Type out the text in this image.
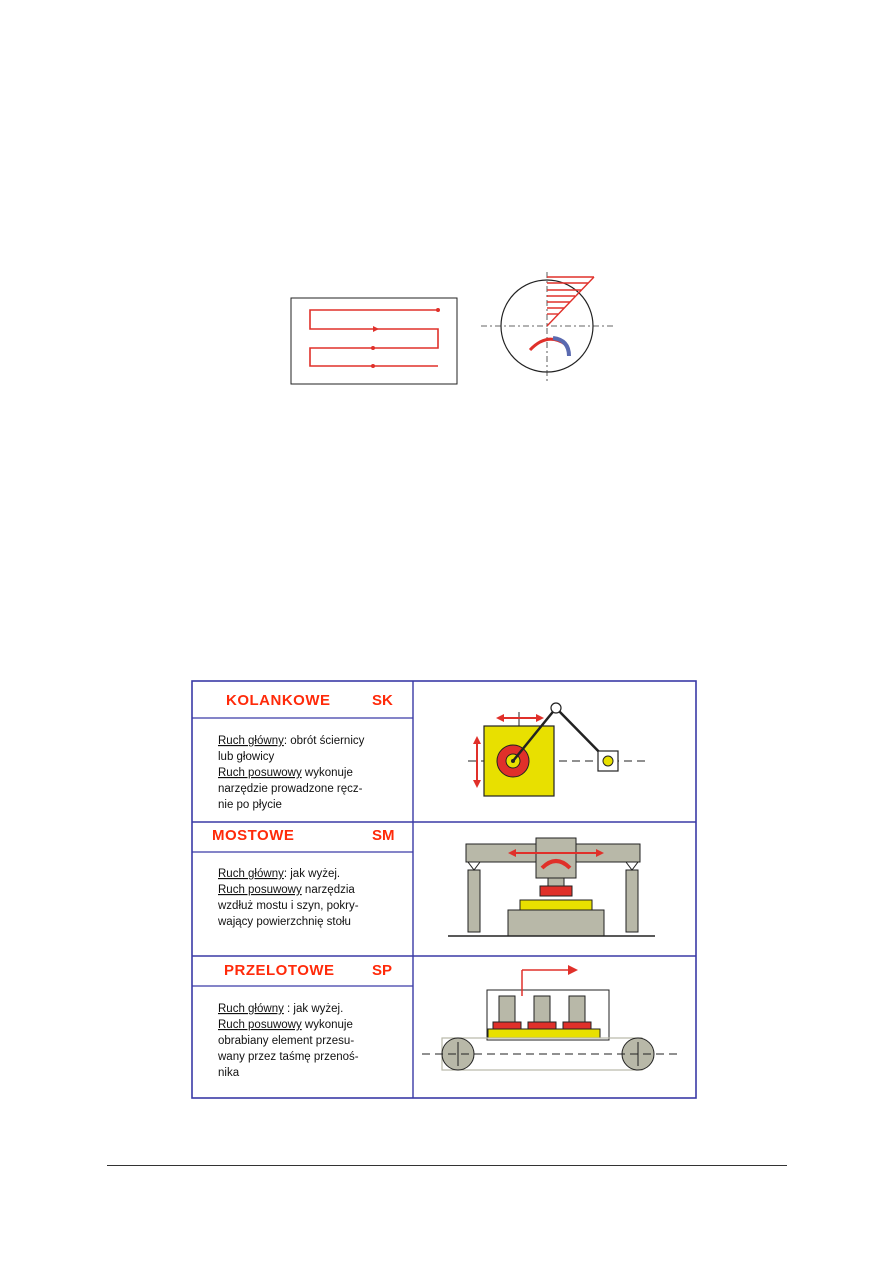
KOLANKOWE	SK
Ruch główny: obrót ściernicy
lub głowicy
Ruch posuwowy wykonuje
narzędzie prowadzone ręcz-
nie po płycie
MOSTOWE	SM
Ruch główny: jak wyżej.
Ruch posuwowy narzędzia
wzdłuż mostu i szyn, pokry-
wający powierzchnię stołu
PRZELOTOWE SP
Ruch główny : jak wyżej.
Ruch posuwowy wykonuje
obrabiany element przesu-
wany przez taśmę przenoś-
nika
